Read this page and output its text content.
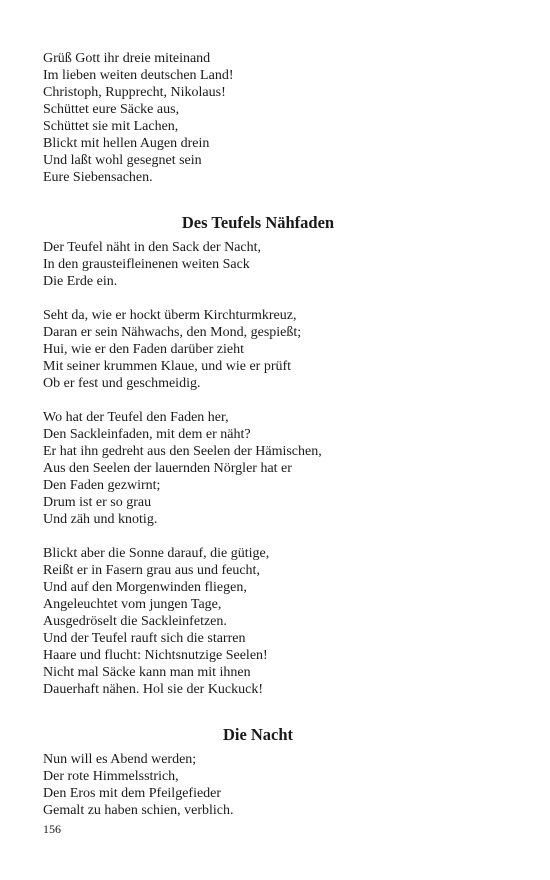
Grüß Gott ihr dreie miteinand
Im lieben weiten deutschen Land!
Christoph, Rupprecht, Nikolaus!
Schüttet eure Säcke aus,
Schüttet sie mit Lachen,
Blickt mit hellen Augen drein
Und laßt wohl gesegnet sein
Eure Siebensachen.
Des Teufels Nähfaden
Der Teufel näht in den Sack der Nacht,
In den grausteifleinenen weiten Sack
Die Erde ein.
Seht da, wie er hockt überm Kirchturmkreuz,
Daran er sein Nähwachs, den Mond, gespießt;
Hui, wie er den Faden darüber zieht
Mit seiner krummen Klaue, und wie er prüft
Ob er fest und geschmeidig.
Wo hat der Teufel den Faden her,
Den Sackleinfaden, mit dem er näht?
Er hat ihn gedreht aus den Seelen der Hämischen,
Aus den Seelen der lauernden Nörgler hat er
Den Faden gezwirnt;
Drum ist er so grau
Und zäh und knotig.
Blickt aber die Sonne darauf, die gütige,
Reißt er in Fasern grau aus und feucht,
Und auf den Morgenwinden fliegen,
Angeleuchtet vom jungen Tage,
Ausgedröselt die Sackleinfetzen.
Und der Teufel rauft sich die starren
Haare und flucht: Nichtsnutzige Seelen!
Nicht mal Säcke kann man mit ihnen
Dauerhaft nähen. Hol sie der Kuckuck!
Die Nacht
Nun will es Abend werden;
Der rote Himmelsstrich,
Den Eros mit dem Pfeilgefieder
Gemalt zu haben schien, verblich.
156
